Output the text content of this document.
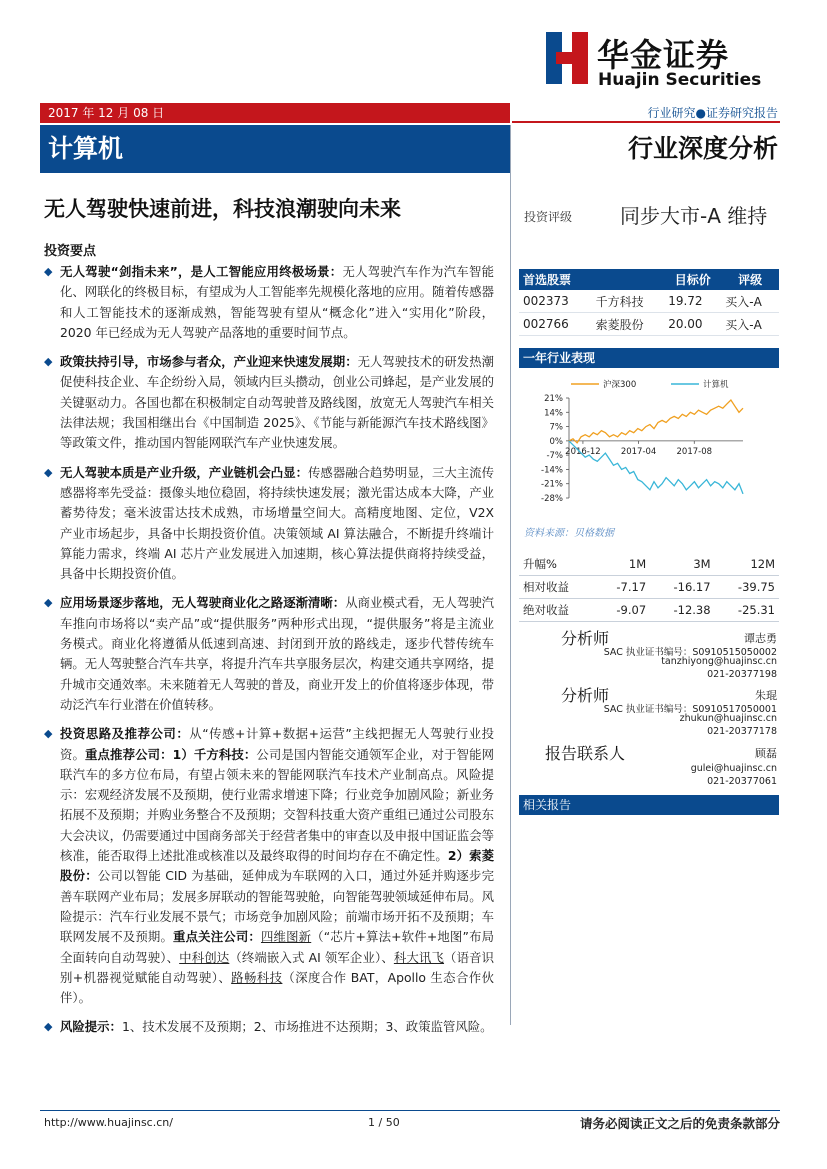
华金证券
Huajin Securities
2017 年 12 月 08 日	行业研究●证券研究报告
计算机	行业深度分析
无人驾驶快速前进，科技浪潮驶向未来
投资要点
◆ 无人驾驶“剑指未来”，是人工智能应用终极场景：无人驾驶汽车作为汽车智能化、网联化的终极目标，有望成为人工智能率先规模化落地的应用。随着传感器和人工智能技术的逐渐成熟，智能驾驶有望从“概念化”进入“实用化”阶段，2020 年已经成为无人驾驶产品落地的重要时间节点。
◆ 政策扶持引导，市场参与者众，产业迎来快速发展期：无人驾驶技术的研发热潮促使科技企业、车企纷纷入局，领域内巨头攒动，创业公司蜂起，是产业发展的关键驱动力。各国也都在积极制定自动驾驶普及路线图，放宽无人驾驶汽车相关法律法规；我国相继出台《中国制造 2025》、《节能与新能源汽车技术路线图》等政策文件，推动国内智能网联汽车产业快速发展。
◆ 无人驾驶本质是产业升级，产业链机会凸显：传感器融合趋势明显，三大主流传感器将率先受益：摄像头地位稳固，将持续快速发展；激光雷达成本大降，产业蓄势待发；毫米波雷达技术成熟，市场增量空间大。高精度地图、定位，V2X 产业市场起步，具备中长期投资价值。决策领域 AI 算法融合，不断提升终端计算能力需求，终端 AI 芯片产业发展进入加速期，核心算法提供商将持续受益，具备中长期投资价值。
◆ 应用场景逐步落地，无人驾驶商业化之路逐渐清晰：从商业模式看，无人驾驶汽车推向市场将以“卖产品”或“提供服务”两种形式出现，“提供服务”将是主流业务模式。商业化将遵循从低速到高速、封闭到开放的路线走，逐步代替传统车辆。无人驾驶整合汽车共享，将提升汽车共享服务层次，构建交通共享网络，提升城市交通效率。未来随着无人驾驶的普及，商业开发上的价值将逐步体现，带动泛汽车行业潜在价值转移。
◆ 投资思路及推荐公司：从“传感+计算+数据+运营”主线把握无人驾驶行业投资。重点推荐公司：1）千方科技：公司是国内智能交通领军企业，对于智能网联汽车的多方位布局，有望占领未来的智能网联汽车技术产业制高点。风险提示：宏观经济发展不及预期，使行业需求增速下降；行业竞争加剧风险；新业务拓展不及预期；并购业务整合不及预期；交智科技重大资产重组已通过公司股东大会决议，仍需要通过中国商务部关于经营者集中的审查以及申报中国证监会等核准，能否取得上述批准或核准以及最终取得的时间均存在不确定性。2）索菱股份：公司以智能 CID 为基础，延伸成为车联网的入口，通过外延并购逐步完善车联网产业布局；发展多屏联动的智能驾驶舱，向智能驾驶领域延伸布局。风险提示：汽车行业发展不景气；市场竞争加剧风险；前端市场开拓不及预期；车联网发展不及预期。重点关注公司：四维图新（“芯片+算法+软件+地图”布局全面转向自动驾驶）、中科创达（终端嵌入式 AI 领军企业）、科大讯飞（语音识别+机器视觉赋能自动驾驶）、路畅科技（深度合作 BAT，Apollo 生态合作伙伴）。
◆ 风险提示：1、技术发展不及预期；2、市场推进不达预期；3、政策监管风险。
投资评级 同步大市-A 维持
首选股票		目标价	评级
002373	千方科技	19.72	买入-A
002766	索菱股份	20.00	买入-A
一年行业表现
21%
14%
7%
0%
-7%
-14%
-21%
-28%
2016-12 2017-04 2017-08
沪深300	计算机
资料来源：贝格数据
升幅%	1M	3M	12M
相对收益	-7.17	-16.17	-39.75
绝对收益	-9.07	-12.38	-25.31
分析师	谭志勇
SAC 执业证书编号：S0910515050002
tanzhiyong@huajinsc.cn
021-20377198
分析师	朱琨
SAC 执业证书编号：S0910517050001
zhukun@huajinsc.cn
021-20377178
报告联系人	顾磊
gulei@huajinsc.cn
021-20377061
相关报告
http://www.huajinsc.cn/	1 / 50	请务必阅读正文之后的免责条款部分
